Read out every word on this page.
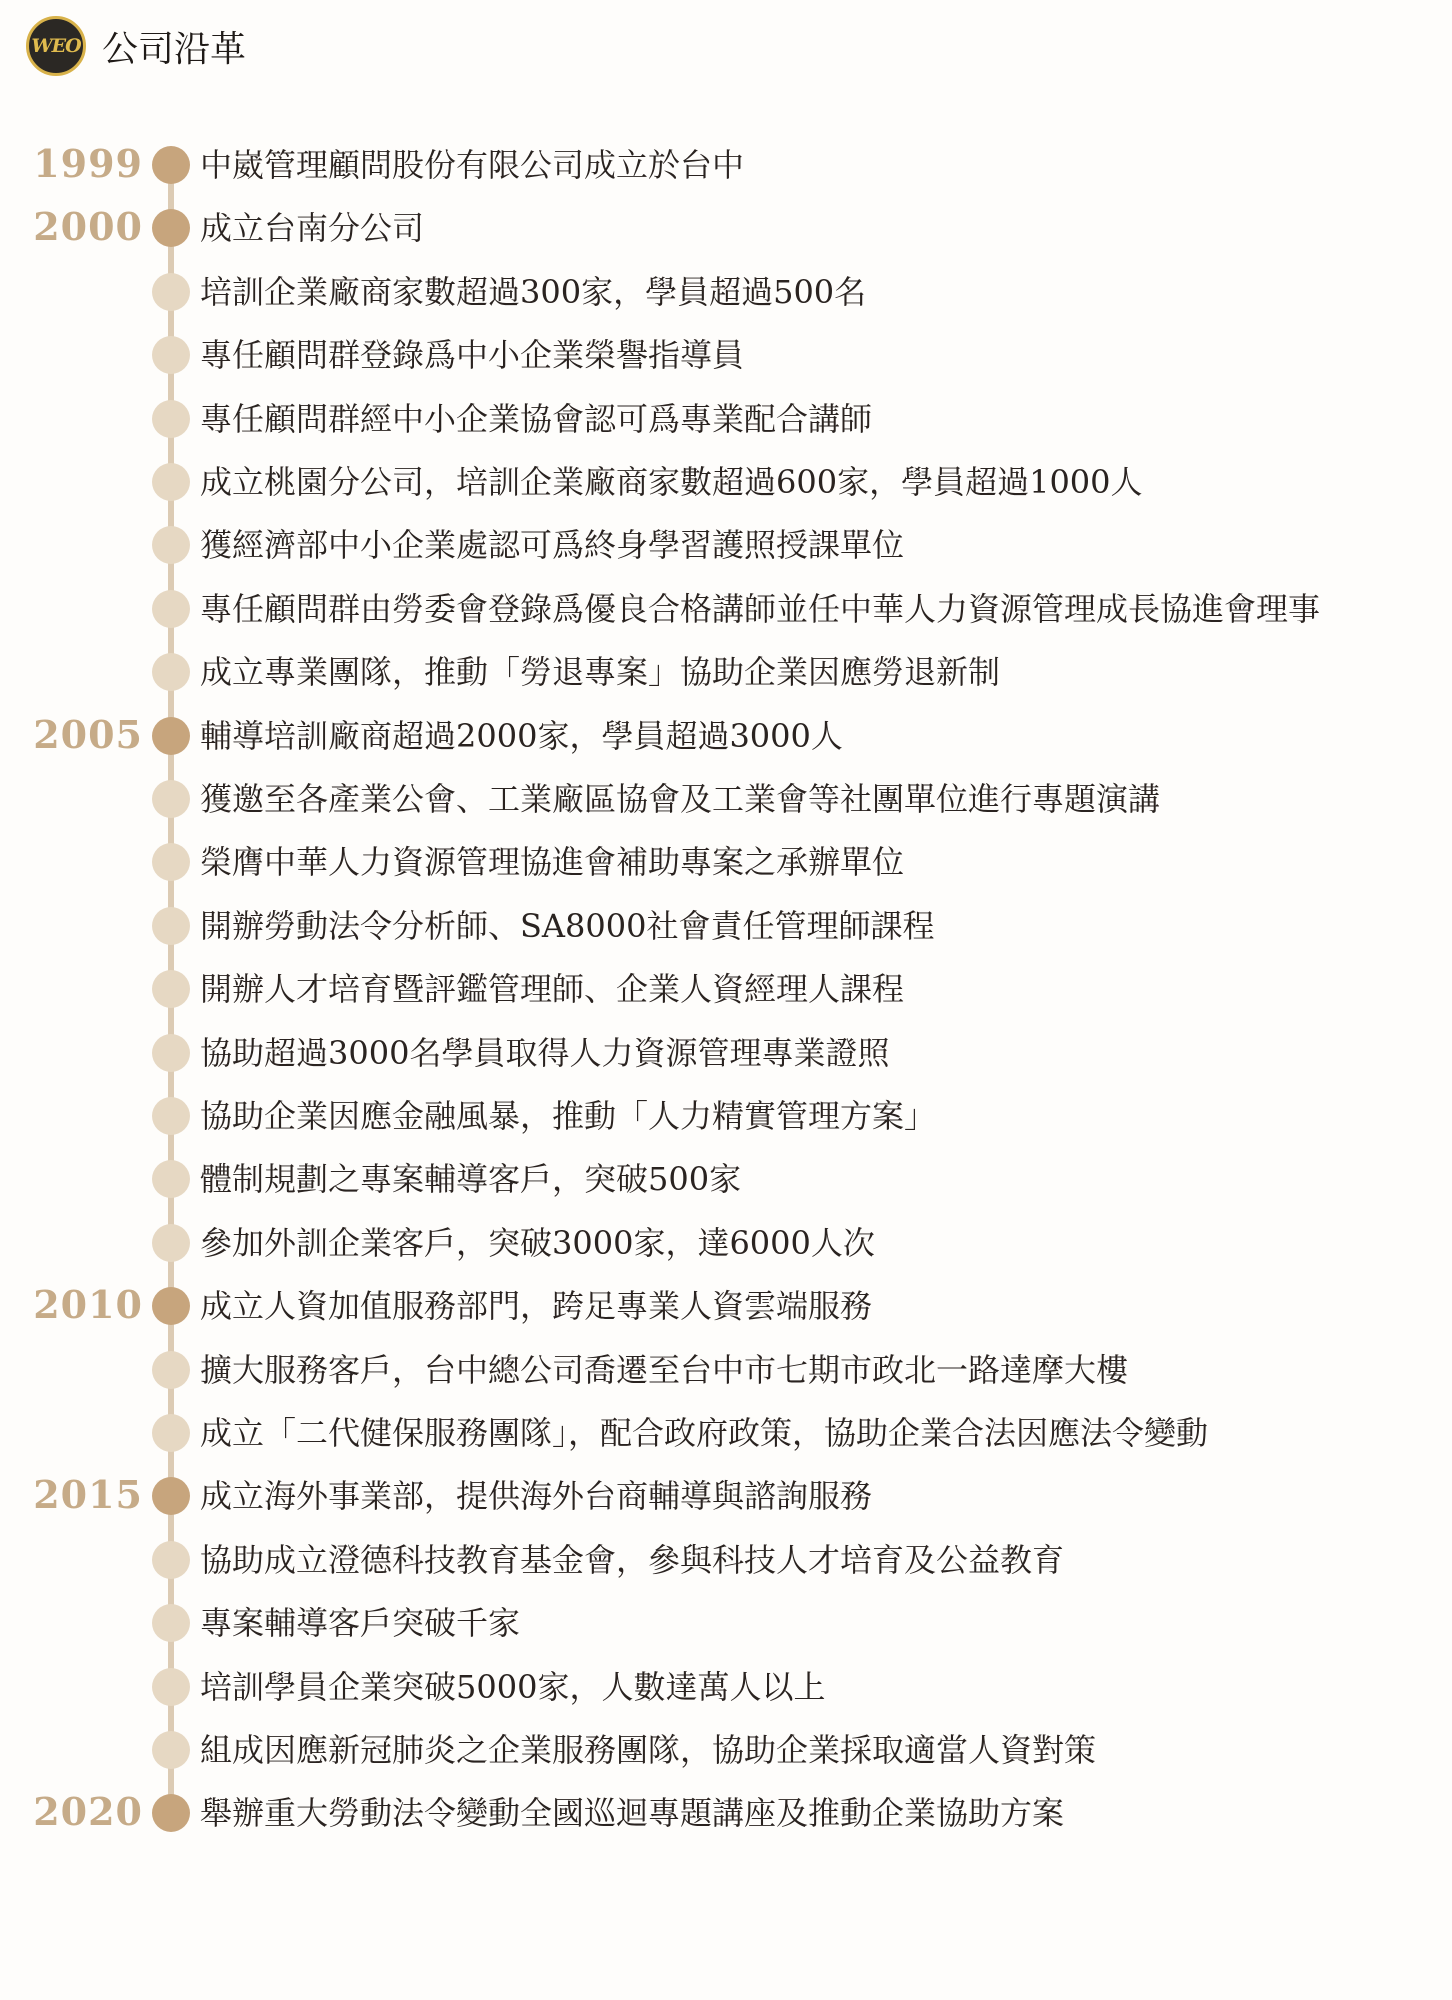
WEO 公司沿革
1999 中崴管理顧問股份有限公司成立於台中
2000 成立台南分公司
培訓企業廠商家數超過300家，學員超過500名
專任顧問群登錄爲中小企業榮譽指導員
專任顧問群經中小企業協會認可爲專業配合講師
成立桃園分公司，培訓企業廠商家數超過600家，學員超過1000人
獲經濟部中小企業處認可爲終身學習護照授課單位
專任顧問群由勞委會登錄爲優良合格講師並任中華人力資源管理成長協進會理事
成立專業團隊，推動「勞退專案」協助企業因應勞退新制
2005 輔導培訓廠商超過2000家，學員超過3000人
獲邀至各產業公會、工業廠區協會及工業會等社團單位進行專題演講
榮膺中華人力資源管理協進會補助專案之承辦單位
開辦勞動法令分析師、SA8000社會責任管理師課程
開辦人才培育暨評鑑管理師、企業人資經理人課程
協助超過3000名學員取得人力資源管理專業證照
協助企業因應金融風暴，推動「人力精實管理方案」
體制規劃之專案輔導客戶，突破500家
參加外訓企業客戶，突破3000家，達6000人次
2010 成立人資加值服務部門，跨足專業人資雲端服務
擴大服務客戶，台中總公司喬遷至台中市七期市政北一路達摩大樓
成立「二代健保服務團隊」，配合政府政策，協助企業合法因應法令變動
2015 成立海外事業部，提供海外台商輔導與諮詢服務
協助成立澄德科技教育基金會，參與科技人才培育及公益教育
專案輔導客戶突破千家
培訓學員企業突破5000家，人數達萬人以上
組成因應新冠肺炎之企業服務團隊，協助企業採取適當人資對策
2020 舉辦重大勞動法令變動全國巡迴專題講座及推動企業協助方案
